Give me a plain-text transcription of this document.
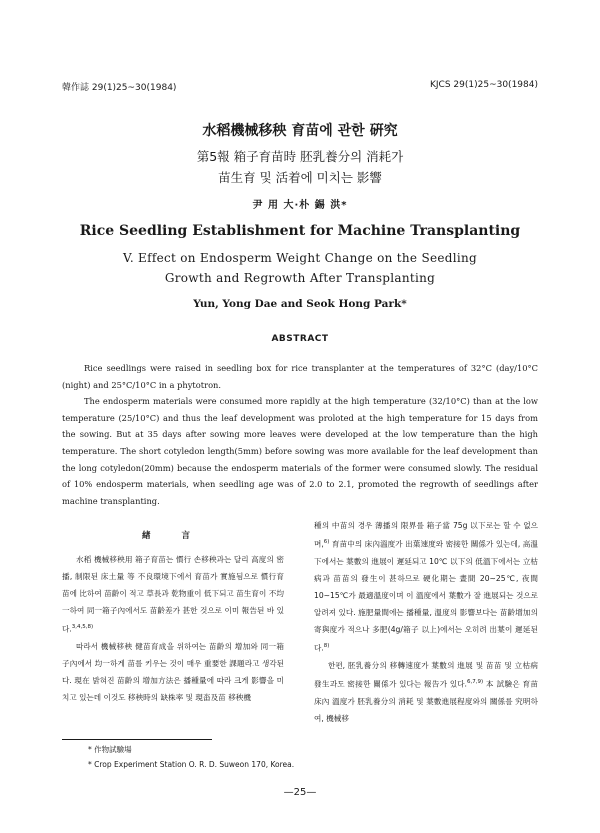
韓作誌 29(1)25~30(1984)	KJCS 29(1)25~30(1984)
水稻機械移秧 育苗에 관한 硏究
第5報 箱子育苗時 胚乳養分의 消耗가
苗生育 및 活着에 미치는 影響
尹 用 大·朴 錫 洪*
Rice Seedling Establishment for Machine Transplanting
V. Effect on Endosperm Weight Change on the Seedling
Growth and Regrowth After Transplanting
Yun, Yong Dae and Seok Hong Park*
ABSTRACT

Rice seedlings were raised in seedling box for rice transplanter at the temperatures of 32°C (day/10°C (night) and 25°C/10°C in a phytotron.

The endosperm materials were consumed more rapidly at the high temperature (32/10°C) than at the low temperature (25/10°C) and thus the leaf development was proloted at the high temperature for 15 days from the sowing. But at 35 days after sowing more leaves were developed at the low temperature than the high temperature. The short cotyledon length(5mm) before sowing was more available for the leaf development than the long cotyledon(20mm) because the endosperm materials of the former were consumed slowly. The residual of 10% endosperm materials, when seedling age was of 2.0 to 2.1, promoted the regrowth of seedlings after machine transplanting.

緖 言

水稻 機械移秧用 箱子育苗는 慣行 손移秧과는 달리 高度의 密播, 制限된 床土量 等 不良環境下에서 育苗가 實施됨으로 慣行育苗에 比하여 苗齡이 적고 草長과 乾物重이 低下되고 苗生育이 不均一하여 同一箱子內에서도 苗齡差가 甚한 것으로 이미 報告된 바 있다.$^{3,4,5,8)}$

따라서 機械移秧 健苗育成을 위하여는 苗齡의 增加와 同一箱子內에서 均一하게 苗를 키우는 것이 매우 重要한 課題라고 생각된다. 現在 밝혀진 苗齡의 增加方法은 播種量에 따라 크게 影響을 미치고 있는데 이것도 移秧時의 缺株率 및 現畓及苗 移秧機

種의 中苗의 경우 薄播의 限界를 箱子當 75g 以下로는 할 수 없으며,$^{6)}$ 育苗中의 床內溫度가 出葉速度와 密接한 關係가 있는데, 高溫下에서는 葉數의 進展이 遲延되고 10℃ 以下의 低溫下에서는 立枯病과 苗苗의 發生이 甚하므로 硬化期는 晝間 20~25℃, 夜間 10~15℃가 最適溫度이며 이 溫度에서 葉數가 잘 進展되는 것으로 알려져 있다. 施肥量間에는 播種量, 溫度의 影響보다는 苗齡增加의 寄與度가 적으나 多肥(4g/箱子 以上)에서는 오히려 出葉이 遲延된다.$^{8)}$

한편, 胚乳養分의 移轉速度가 葉數의 進展 및 苗苗 및 立枯病 發生과도 密接한 關係가 있다는 報告가 있다.$^{6,7,9)}$ 本 試驗은 育苗床內 溫度가 胚乳養分의 消耗 및 葉數進展程度와의 關係를 究明하여, 機械移

* 作物試驗場
* Crop Experiment Station O. R. D. Suweon 170, Korea.
—25—
